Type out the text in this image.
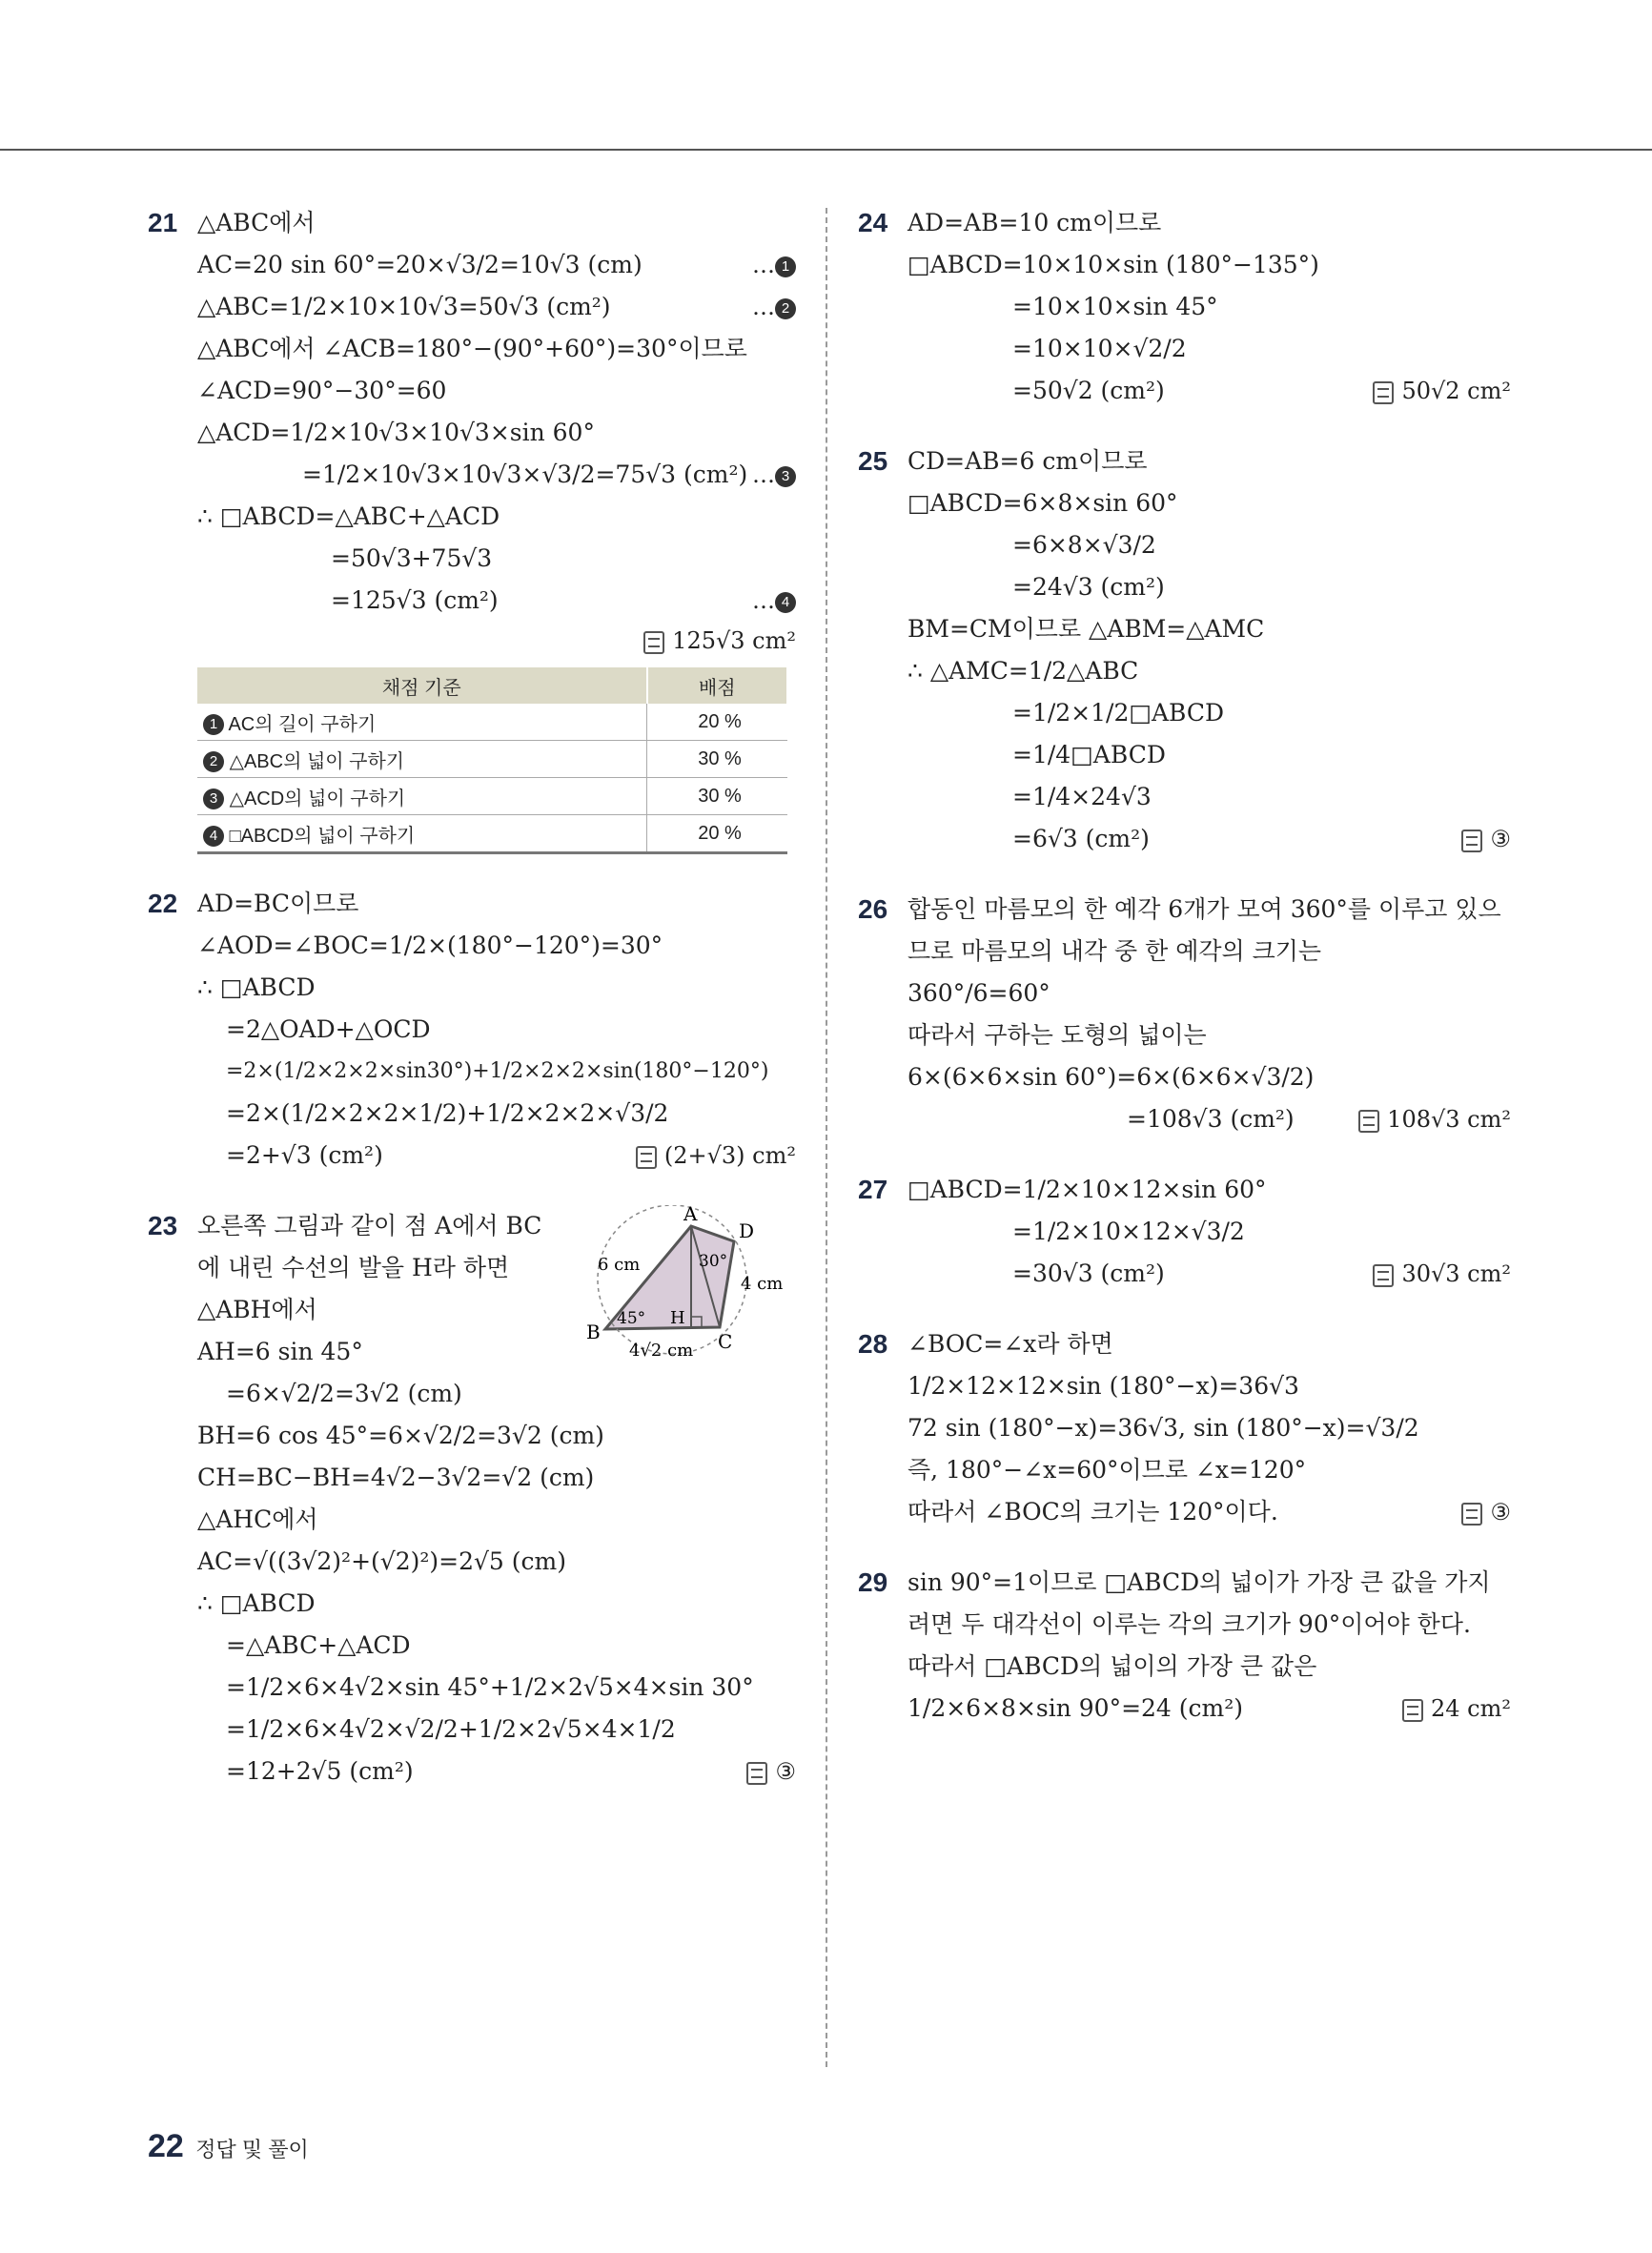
21 △ABC에서
AC=20 sin 60°=20×√3/2=10√3 (cm)	… 1
△ABC=1/2×10×10√3=50√3 (cm²)	… 2
△ABC에서 ∠ACB=180°−(90°+60°)=30°이므로
∠ACD=90°−30°=60
△ACD=1/2×10√3×10√3×sin 60°
=1/2×10√3×10√3×√3/2=75√3 (cm²) … 3
∴ □ABCD=△ABC+△ACD
=50√3+75√3
=125√3 (cm²)	… 4
125√3 cm²
채점 기준	배점
1 AC의 길이 구하기	20 %
2 △ABC의 넓이 구하기	30 %
3 △ACD의 넓이 구하기	30 %
4 □ABCD의 넓이 구하기	20 %
22 AD=BC이므로
∠AOD=∠BOC=1/2×(180°−120°)=30°
∴ □ABCD
=2△OAD+△OCD
=2×(1/2×2×2×sin30°)+1/2×2×2×sin(180°−120°)
=2×(1/2×2×2×1/2)+1/2×2×2×√3/2
=2+√3 (cm²)	(2+√3) cm²
23	A
D
B	C
H
6 cm
4 cm
4√2 cm
45°
30°
오른쪽 그림과 같이 점 A에서 BC
에 내린 수선의 발을 H라 하면
△ABH에서
AH=6 sin 45°
=6×√2/2=3√2 (cm)
BH=6 cos 45°=6×√2/2=3√2 (cm)
CH=BC−BH=4√2−3√2=√2 (cm)
△AHC에서
AC=√((3√2)²+(√2)²)=2√5 (cm)
∴ □ABCD
=△ABC+△ACD
=1/2×6×4√2×sin 45°+1/2×2√5×4×sin 30°
=1/2×6×4√2×√2/2+1/2×2√5×4×1/2
=12+2√5 (cm²)	③
24 AD=AB=10 cm이므로
□ABCD=10×10×sin (180°−135°)
=10×10×sin 45°
=10×10×√2/2
=50√2 (cm²)	50√2 cm²
25 CD=AB=6 cm이므로
□ABCD=6×8×sin 60°
=6×8×√3/2
=24√3 (cm²)
BM=CM이므로 △ABM=△AMC
∴ △AMC=1/2△ABC
=1/2×1/2□ABCD
=1/4□ABCD
=1/4×24√3
=6√3 (cm²)	③
26 합동인 마름모의 한 예각 6개가 모여 360°를 이루고 있으
므로 마름모의 내각 중 한 예각의 크기는
360°/6=60°
따라서 구하는 도형의 넓이는
6×(6×6×sin 60°)=6×(6×6×√3/2)
=108√3 (cm²)	108√3 cm²
27 □ABCD=1/2×10×12×sin 60°
=1/2×10×12×√3/2
=30√3 (cm²)	30√3 cm²
28 ∠BOC=∠x라 하면
1/2×12×12×sin (180°−x)=36√3
72 sin (180°−x)=36√3, sin (180°−x)=√3/2
즉, 180°−∠x=60°이므로 ∠x=120°
따라서 ∠BOC의 크기는 120°이다.	③
29 sin 90°=1이므로 □ABCD의 넓이가 가장 큰 값을 가지
려면 두 대각선이 이루는 각의 크기가 90°이어야 한다.
따라서 □ABCD의 넓이의 가장 큰 값은
1/2×6×8×sin 90°=24 (cm²)	24 cm²
22 정답 및 풀이
